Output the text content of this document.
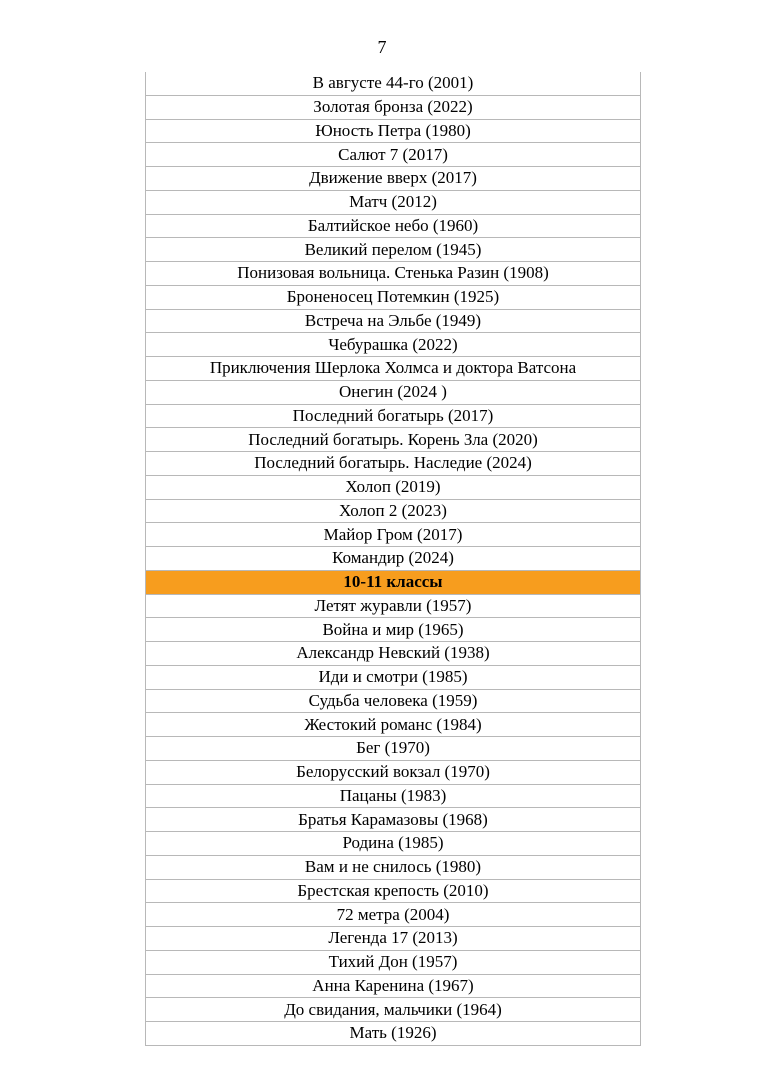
7
В августе 44-го (2001)
Золотая бронза (2022)
Юность Петра (1980)
Салют 7 (2017)
Движение вверх (2017)
Матч (2012)
Балтийское небо (1960)
Великий перелом (1945)
Понизовая вольница. Стенька Разин (1908)
Броненосец Потемкин (1925)
Встреча на Эльбе (1949)
Чебурашка (2022)
Приключения Шерлока Холмса и доктора Ватсона
Онегин (2024 )
Последний богатырь (2017)
Последний богатырь. Корень Зла (2020)
Последний богатырь. Наследие (2024)
Холоп (2019)
Холоп 2 (2023)
Майор Гром (2017)
Командир (2024)
10-11 классы
Летят журавли (1957)
Война и мир (1965)
Александр Невский (1938)
Иди и смотри (1985)
Судьба человека (1959)
Жестокий романс (1984)
Бег (1970)
Белорусский вокзал (1970)
Пацаны (1983)
Братья Карамазовы (1968)
Родина (1985)
Вам и не снилось (1980)
Брестская крепость (2010)
72 метра (2004)
Легенда 17 (2013)
Тихий Дон (1957)
Анна Каренина (1967)
До свидания, мальчики (1964)
Мать (1926)
